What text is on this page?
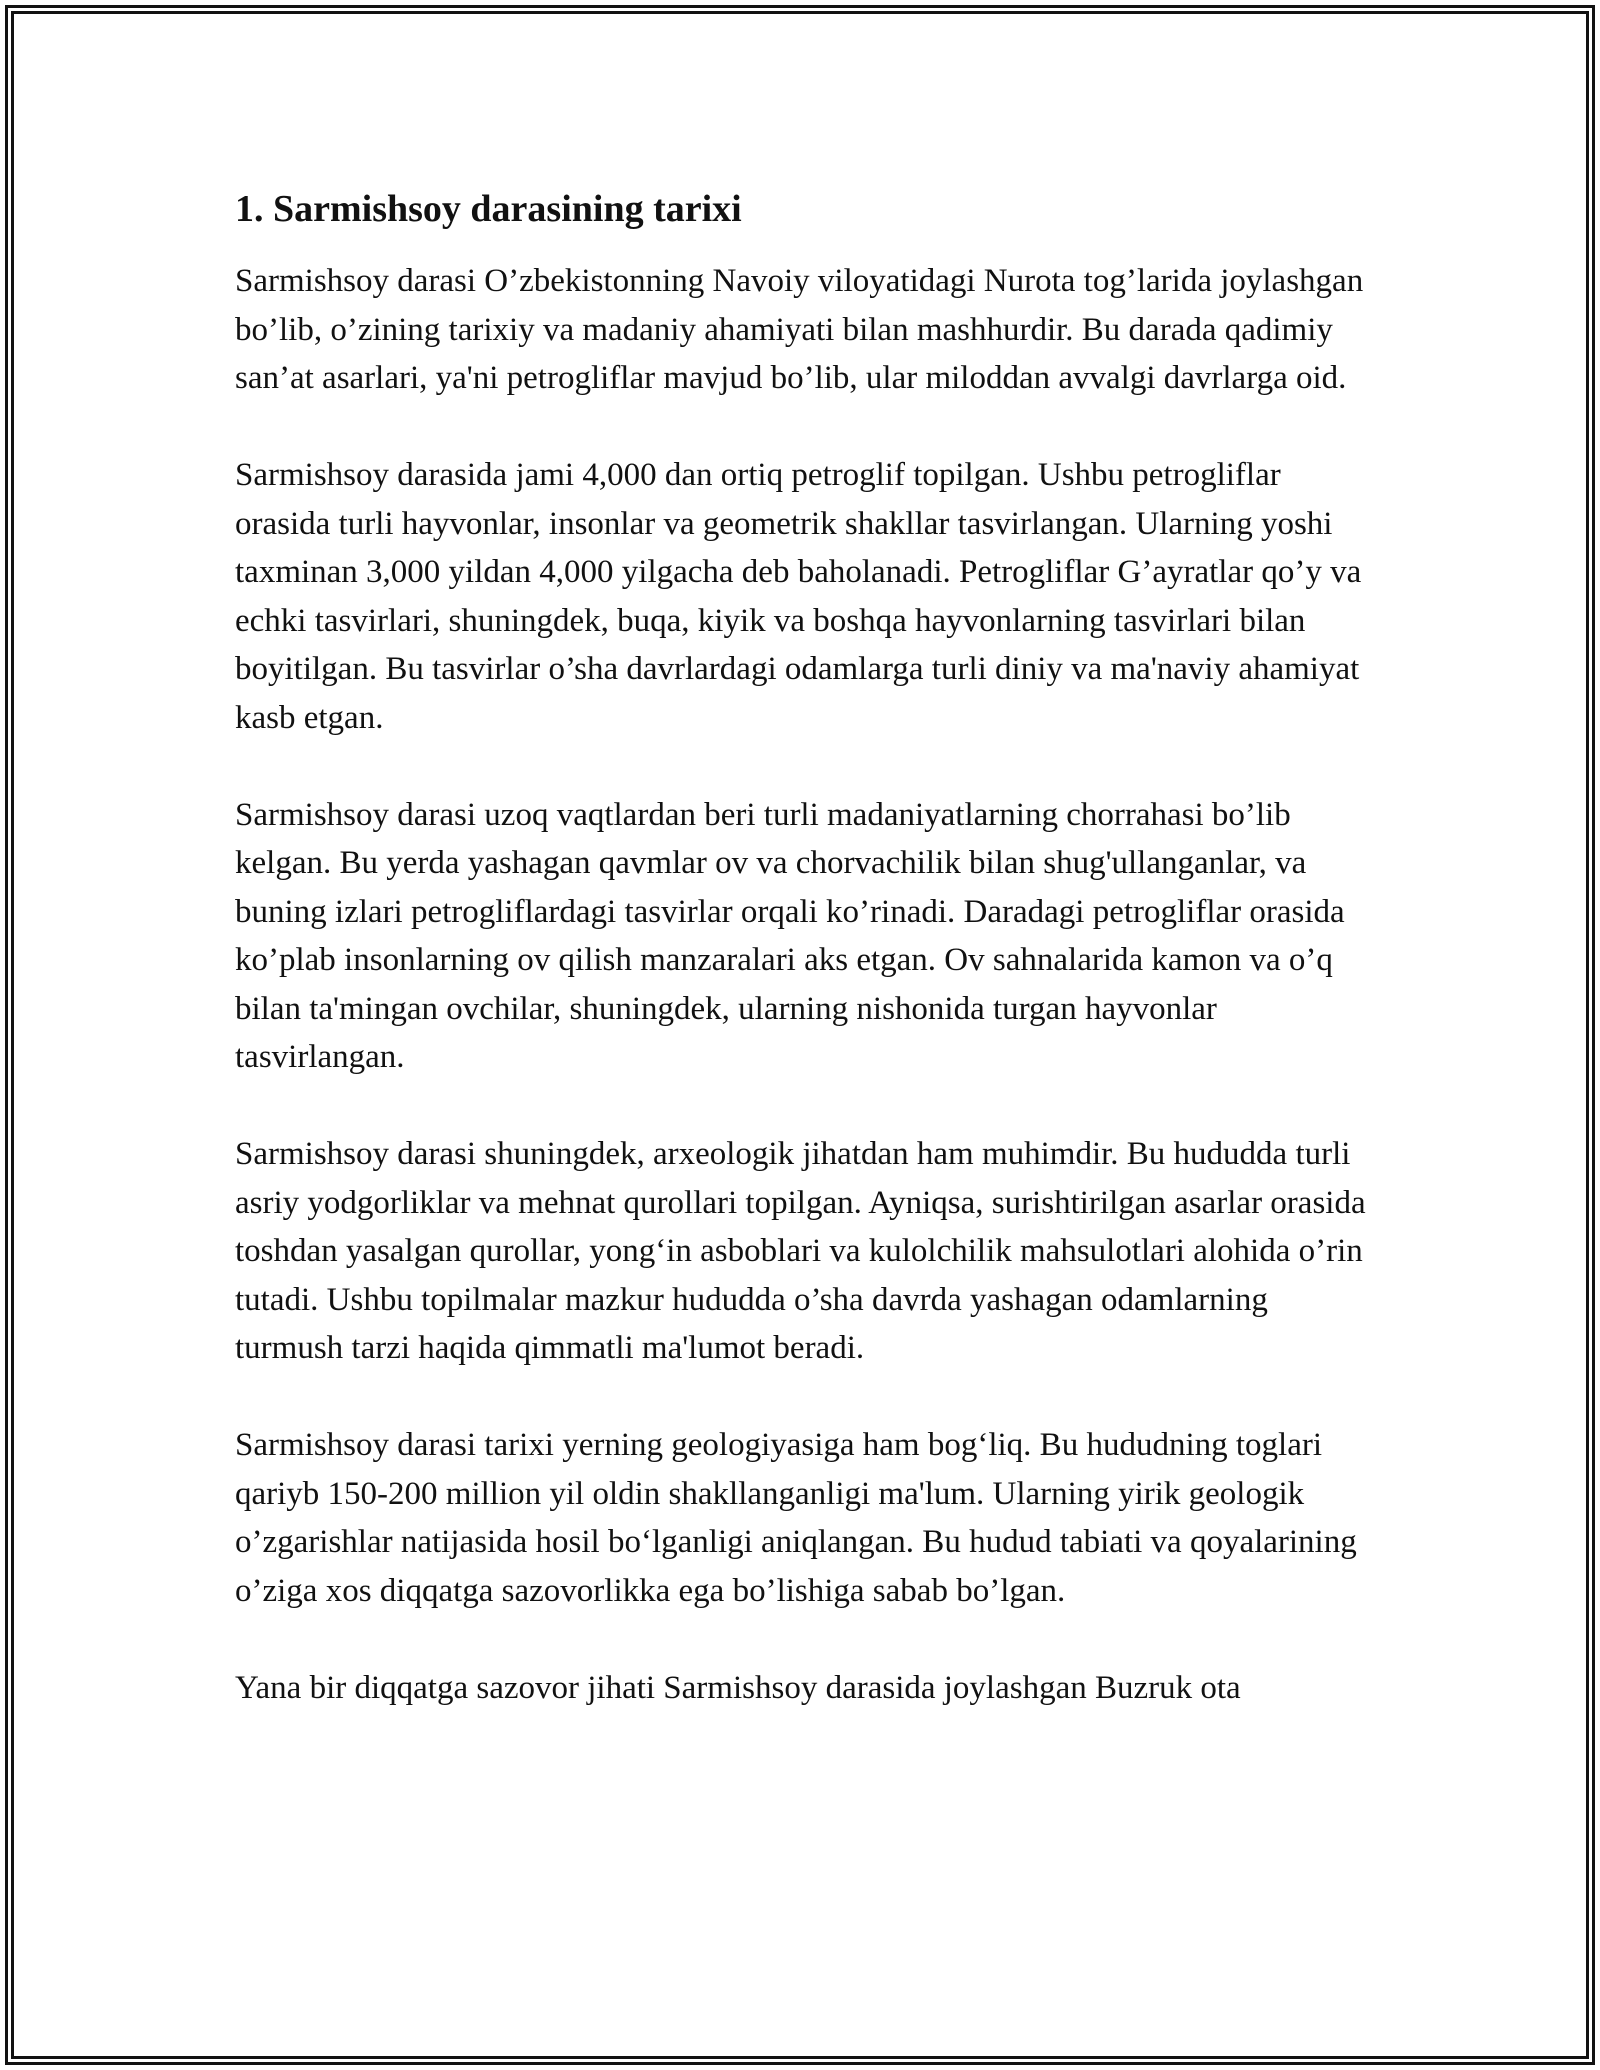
1. Sarmishsoy darasining tarixi

Sarmishsoy darasi O’zbekistonning Navoiy viloyatidagi Nurota tog’larida joylashgan bo’lib, o’zining tarixiy va madaniy ahamiyati bilan mashhurdir. Bu darada qadimiy san’at asarlari, ya'ni petrogliflar mavjud bo’lib, ular miloddan avvalgi davrlarga oid.

Sarmishsoy darasida jami 4,000 dan ortiq petroglif topilgan. Ushbu petrogliflar orasida turli hayvonlar, insonlar va geometrik shakllar tasvirlangan. Ularning yoshi taxminan 3,000 yildan 4,000 yilgacha deb baholanadi. Petrogliflar G’ayratlar qo’y va echki tasvirlari, shuningdek, buqa, kiyik va boshqa hayvonlarning tasvirlari bilan boyitilgan. Bu tasvirlar o’sha davrlardagi odamlarga turli diniy va ma'naviy ahamiyat kasb etgan.

Sarmishsoy darasi uzoq vaqtlardan beri turli madaniyatlarning chorrahasi bo’lib kelgan. Bu yerda yashagan qavmlar ov va chorvachilik bilan shug'ullanganlar, va buning izlari petrogliflardagi tasvirlar orqali ko’rinadi. Daradagi petrogliflar orasida ko’plab insonlarning ov qilish manzaralari aks etgan. Ov sahnalarida kamon va o’q bilan ta'mingan ovchilar, shuningdek, ularning nishonida turgan hayvonlar tasvirlangan.

Sarmishsoy darasi shuningdek, arxeologik jihatdan ham muhimdir. Bu hududda turli asriy yodgorliklar va mehnat qurollari topilgan. Ayniqsa, surishtirilgan asarlar orasida toshdan yasalgan qurollar, yong‘in asboblari va kulolchilik mahsulotlari alohida o’rin tutadi. Ushbu topilmalar mazkur hududda o’sha davrda yashagan odamlarning turmush tarzi haqida qimmatli ma'lumot beradi.

Sarmishsoy darasi tarixi yerning geologiyasiga ham bog‘liq. Bu hududning toglari qariyb 150-200 million yil oldin shakllanganligi ma'lum. Ularning yirik geologik o’zgarishlar natijasida hosil bo‘lganligi aniqlangan. Bu hudud tabiati va qoyalarining o’ziga xos diqqatga sazovorlikka ega bo’lishiga sabab bo’lgan.

Yana bir diqqatga sazovor jihati Sarmishsoy darasida joylashgan Buzruk ota
